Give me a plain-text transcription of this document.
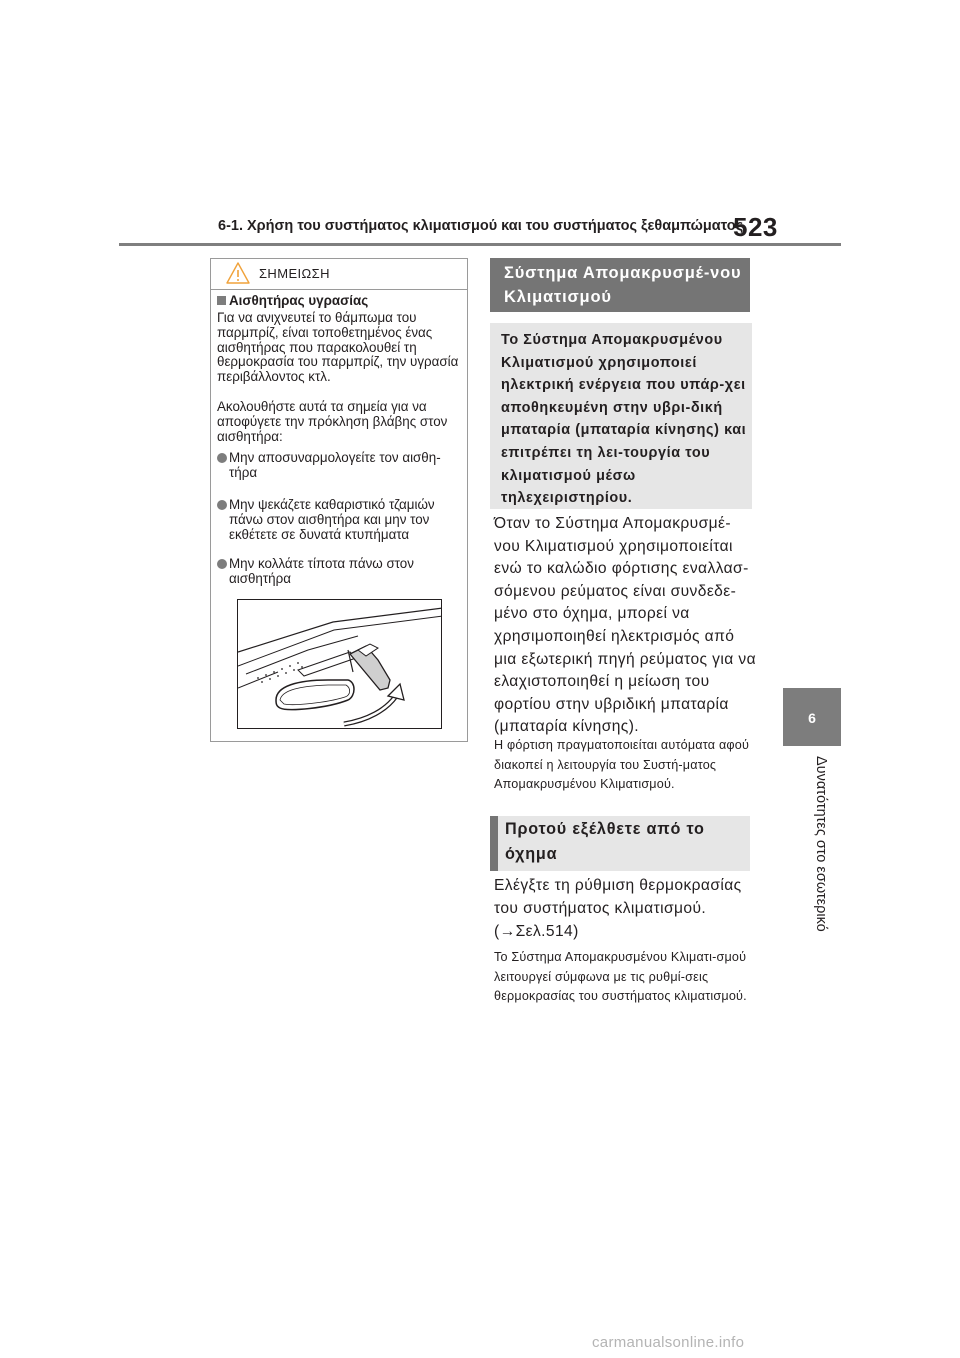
6-1. Χρήση του συστήματος κλιματισμού και του συστήματος ξεθαμπώματος
523
6
Δυνατότητες στο εσωτερικό
ΣΗΜΕΙΩΣΗ
Αισθητήρας υγρασίας
Για να ανιχνευτεί το θάμπωμα του παρμπρίζ, είναι τοποθετημένος ένας αισθητήρας που παρακολουθεί τη θερμοκρασία του παρμπρίζ, την υγρασία περιβάλλοντος κτλ.
Ακολουθήστε αυτά τα σημεία για να αποφύγετε την πρόκληση βλάβης στον αισθητήρα:
Μην αποσυναρμολογείτε τον αισθη-τήρα
Μην ψεκάζετε καθαριστικό τζαμιών πάνω στον αισθητήρα και μην τον εκθέτετε σε δυνατά κτυπήματα
Μην κολλάτε τίποτα πάνω στον αισθητήρα
Σύστημα Απομακρυσμέ-νου Κλιματισμού
Το Σύστημα Απομακρυσμένου Κλιματισμού χρησιμοποιεί ηλεκτρική ενέργεια που υπάρ-χει αποθηκευμένη στην υβρι-δική μπαταρία (μπαταρία κίνησης) και επιτρέπει τη λει-τουργία του κλιματισμού μέσω τηλεχειριστηρίου.
Όταν το Σύστημα Απομακρυσμέ-νου Κλιματισμού χρησιμοποιείται ενώ το καλώδιο φόρτισης εναλλασ-σόμενου ρεύματος είναι συνδεδε-μένο στο όχημα, μπορεί να χρησιμοποιηθεί ηλεκτρισμός από μια εξωτερική πηγή ρεύματος για να ελαχιστοποιηθεί η μείωση του φορτίου στην υβριδική μπαταρία (μπαταρία κίνησης).
Η φόρτιση πραγματοποιείται αυτόματα αφού διακοπεί η λειτουργία του Συστή-ματος Απομακρυσμένου Κλιματισμού.
Προτού εξέλθετε από το όχημα
Ελέγξτε τη ρύθμιση θερμοκρασίας του συστήματος κλιματισμού.
(→Σελ.514)
Το Σύστημα Απομακρυσμένου Κλιματι-σμού λειτουργεί σύμφωνα με τις ρυθμί-σεις θερμοκρασίας του συστήματος κλιματισμού.
carmanualsonline.info
